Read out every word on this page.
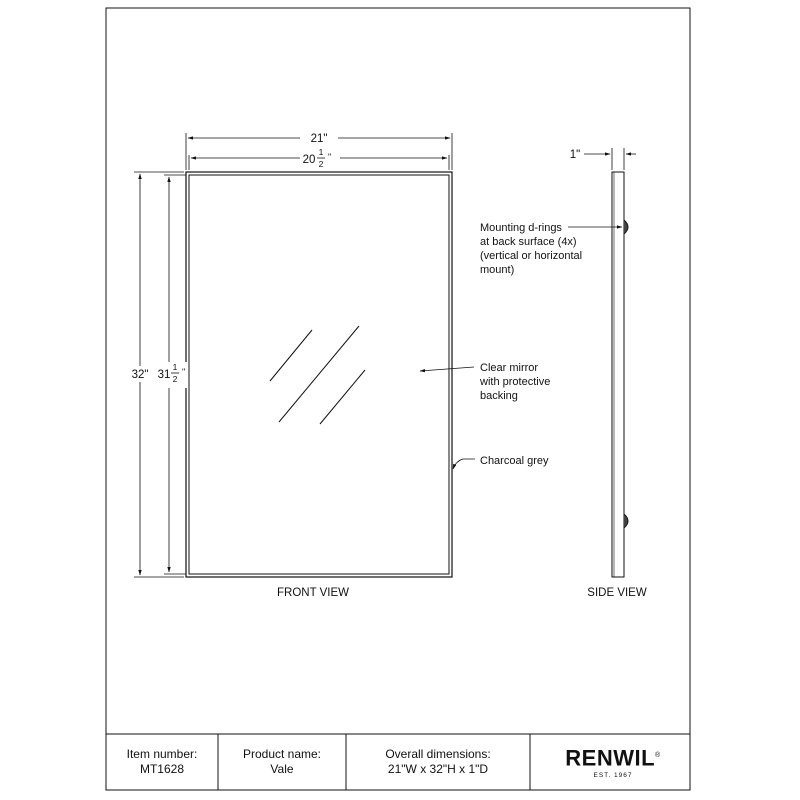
21"
20
1
2
"
32" 31
1
2
"
FRONT VIEW
1"
SIDE VIEW
Mounting d-rings
at back surface (4x)
(vertical or horizontal
mount)
Clear mirror
with protective
backing
Charcoal grey
Item number:
MT1628
Product name:
Vale
Overall dimensions:
21"W x 32"H x 1"D	RENWIL®
EST. 1967
